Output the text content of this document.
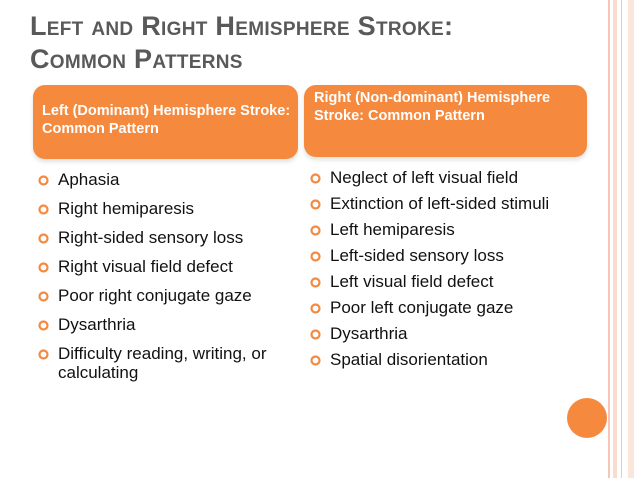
Left and Right Hemisphere Stroke:
Common Patterns
Left (Dominant) Hemisphere Stroke: Common Pattern
Right (Non-dominant) Hemisphere Stroke: Common Pattern
Aphasia
Right hemiparesis
Right-sided sensory loss
Right visual field defect
Poor right conjugate gaze
Dysarthria
Difficulty reading, writing, or calculating
Neglect of left visual field
Extinction of left-sided stimuli
Left hemiparesis
Left-sided sensory loss
Left visual field defect
Poor left conjugate gaze
Dysarthria
Spatial disorientation
